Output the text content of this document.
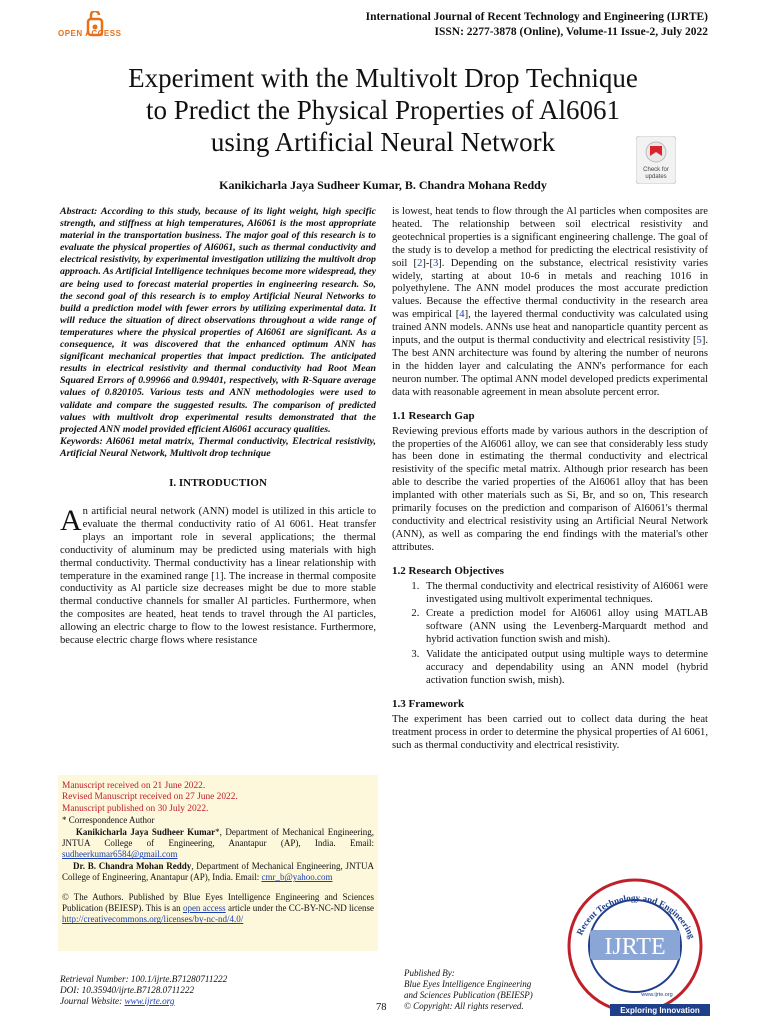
OPEN ACCESS
International Journal of Recent Technology and Engineering (IJRTE)
ISSN: 2277-3878 (Online), Volume-11 Issue-2, July 2022
Experiment with the Multivolt Drop Technique
to Predict the Physical Properties of Al6061
using Artificial Neural Network
Check for
updates
Kanikicharla Jaya Sudheer Kumar, B. Chandra Mohana Reddy

Abstract: According to this study, because of its light weight, high specific strength, and stiffness at high temperatures, Al6061 is the most appropriate material in the transportation business. The major goal of this research is to evaluate the physical properties of Al6061, such as thermal conductivity and electrical resistivity, by experimental investigation utilizing the multivolt drop approach. As Artificial Intelligence techniques become more widespread, they are being used to forecast material properties in engineering research. So, the second goal of this research is to employ Artificial Neural Networks to build a prediction model with fewer errors by utilizing experimental data. It will reduce the situation of direct observations throughout a wide range of temperatures where the physical properties of Al6061 are significant. As a consequence, it was discovered that the enhanced optimum ANN has significant mechanical properties that impact prediction. The anticipated results in electrical resistivity and thermal conductivity had Root Mean Squared Errors of 0.99966 and 0.99401, respectively, with R-Square average values of 0.820105. Various tests and ANN methodologies were used to validate and compare the suggested results. The comparison of predicted values with multivolt drop experimental results demonstrated that the projected ANN model provided efficient Al6061 accuracy qualities.

Keywords: Al6061 metal matrix, Thermal conductivity, Electrical resistivity, Artificial Neural Network, Multivolt drop technique

I. INTRODUCTION

An artificial neural network (ANN) model is utilized in this article to evaluate the thermal conductivity ratio of Al 6061. Heat transfer plays an important role in several applications; the thermal conductivity of aluminum may be predicted using materials with high thermal conductivity. Thermal conductivity has a linear relationship with temperature in the examined range [1]. The increase in thermal composite conductivity as Al particle size decreases might be due to more stable thermal conductive channels for smaller Al particles. Furthermore, when the composites are heated, heat tends to travel through the Al particles, allowing an electric charge to flow to the lowest resistance. Furthermore, because electric charge flows where resistance

Manuscript received on 21 June 2022.
Revised Manuscript received on 27 June 2022.
Manuscript published on 30 July 2022.
* Correspondence Author

Kanikicharla Jaya Sudheer Kumar*, Department of Mechanical Engineering, JNTUA College of Engineering, Anantapur (AP), India. Email: sudheerkumar6584@gmail.com

Dr. B. Chandra Mohan Reddy, Department of Mechanical Engineering, JNTUA College of Engineering, Anantapur (AP), India. Email: cmr_b@yahoo.com

© The Authors. Published by Blue Eyes Intelligence Engineering and Sciences Publication (BEIESP). This is an open access article under the CC-BY-NC-ND license http://creativecommons.org/licenses/by-nc-nd/4.0/

is lowest, heat tends to flow through the Al particles when composites are heated. The relationship between soil electrical resistivity and geotechnical properties is a significant engineering challenge. The goal of the study is to develop a method for predicting the electrical resistivity of soil [2]-[3]. Depending on the substance, electrical resistivity varies widely, starting at about 10-6 in metals and reaching 1016 in polyethylene. The ANN model produces the most accurate prediction values. Because the effective thermal conductivity in the research area was empirical [4], the layered thermal conductivity was calculated using trained ANN models. ANNs use heat and nanoparticle quantity percent as inputs, and the output is thermal conductivity and electrical resistivity [5]. The best ANN architecture was found by altering the number of neurons in the hidden layer and calculating the ANN's performance for each neuron number. The optimal ANN model developed predicts experimental data with reasonable agreement in mean absolute percent error.

1.1 Research Gap

Reviewing previous efforts made by various authors in the description of the properties of the Al6061 alloy, we can see that considerably less study has been done in estimating the thermal conductivity and electrical resistivity of the specific metal matrix. Although prior research has been able to describe the varied properties of the Al6061 alloy that has been implanted with other materials such as Si, Br, and so on, This research primarily focuses on the prediction and comparison of Al6061's thermal conductivity and electrical resistivity using an Artificial Neural Network (ANN), as well as comparing the end findings with the material's other attributes.

1.2 Research Objectives
1. The thermal conductivity and electrical resistivity of Al6061 were investigated using multivolt experimental techniques.
2. Create a prediction model for Al6061 alloy using MATLAB software (ANN using the Levenberg-Marquardt method and hybrid activation function swish and mish).
3. Validate the anticipated output using multiple ways to determine accuracy and dependability using an ANN model (hybrid activation function swish, mish).
1.3 Framework

The experiment has been carried out to collect data during the heat treatment process in order to determine the physical properties of Al 6061, such as thermal conductivity and electrical resistivity.

Recent Technology and Engineering
IJRTE
www.ijrte.org
Exploring Innovation
Retrieval Number: 100.1/ijrte.B71280711222
DOI: 10.35940/ijrte.B7128.0711222
Journal Website: www.ijrte.org
78
Published By:
Blue Eyes Intelligence Engineering
and Sciences Publication (BEIESP)
© Copyright: All rights reserved.
